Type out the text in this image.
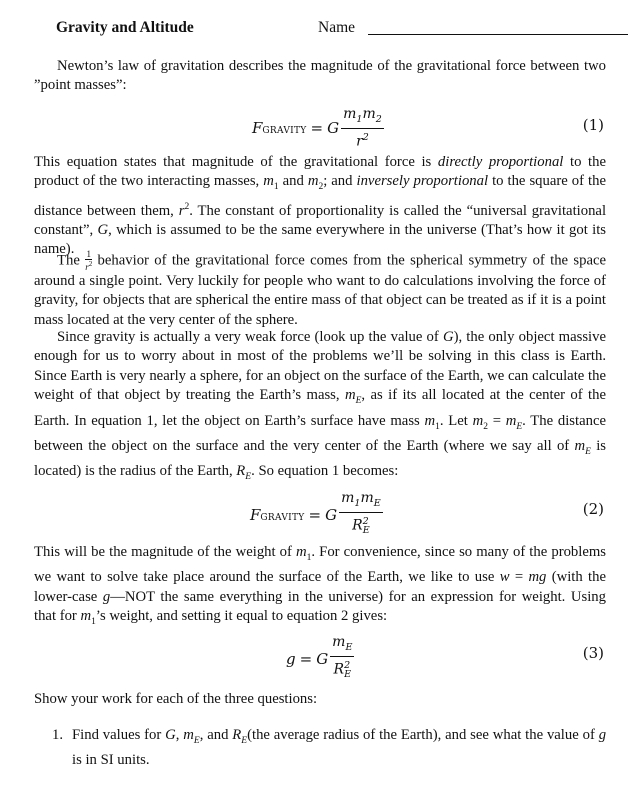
Gravity and Altitude	Name

Newton’s law of gravitation describes the magnitude of the gravitational force between two ”point masses”:

F GRAVITY = G $\frac{m_1m_2}{r^2}$	(1)

This equation states that magnitude of the gravitational force is directly proportional to the product of the two interacting masses, $m_1$ and $m_2$; and inversely proportional to the square of the distance between them, $r^2$. The constant of proportionality is called the “universal gravitational constant”, G, which is assumed to be the same everywhere in the universe (That’s how it got its name).

The $\frac{1}{r^2}$ behavior of the gravitational force comes from the spherical symmetry of the space around a single point. Very luckily for people who want to do calculations involving the force of gravity, for objects that are spherical the entire mass of that object can be treated as if it is a point mass located at the very center of the sphere.

Since gravity is actually a very weak force (look up the value of G), the only object massive enough for us to worry about in most of the problems we’ll be solving in this class is Earth. Since Earth is very nearly a sphere, for an object on the surface of the Earth, we can calculate the weight of that object by treating the Earth’s mass, $m_E$, as if its all located at the center of the Earth. In equation 1, let the object on Earth’s surface have mass $m_1$. Let $m_2 = m_E$. The distance between the object on the surface and the very center of the Earth (where we say all of $m_E$ is located) is the radius of the Earth, $R_E$. So equation 1 becomes:

F GRAVITY = G $\frac{m_1m_E}{R^2_E}$	(2)

This will be the magnitude of the weight of $m_1$. For convenience, since so many of the problems we want to solve take place around the surface of the Earth, we like to use w = mg (with the lower-case g—NOT the same everything in the universe) for an expression for weight. Using that for $m_1’s$ weight, and setting it equal to equation 2 gives:

g = G $\frac{m_E}{R^2_E}$	(3)

Show your work for each of the three questions:

1. Find values for G, $m_E$, and $R_E(the$ average radius of the Earth), and see what the value of g is in SI units.
